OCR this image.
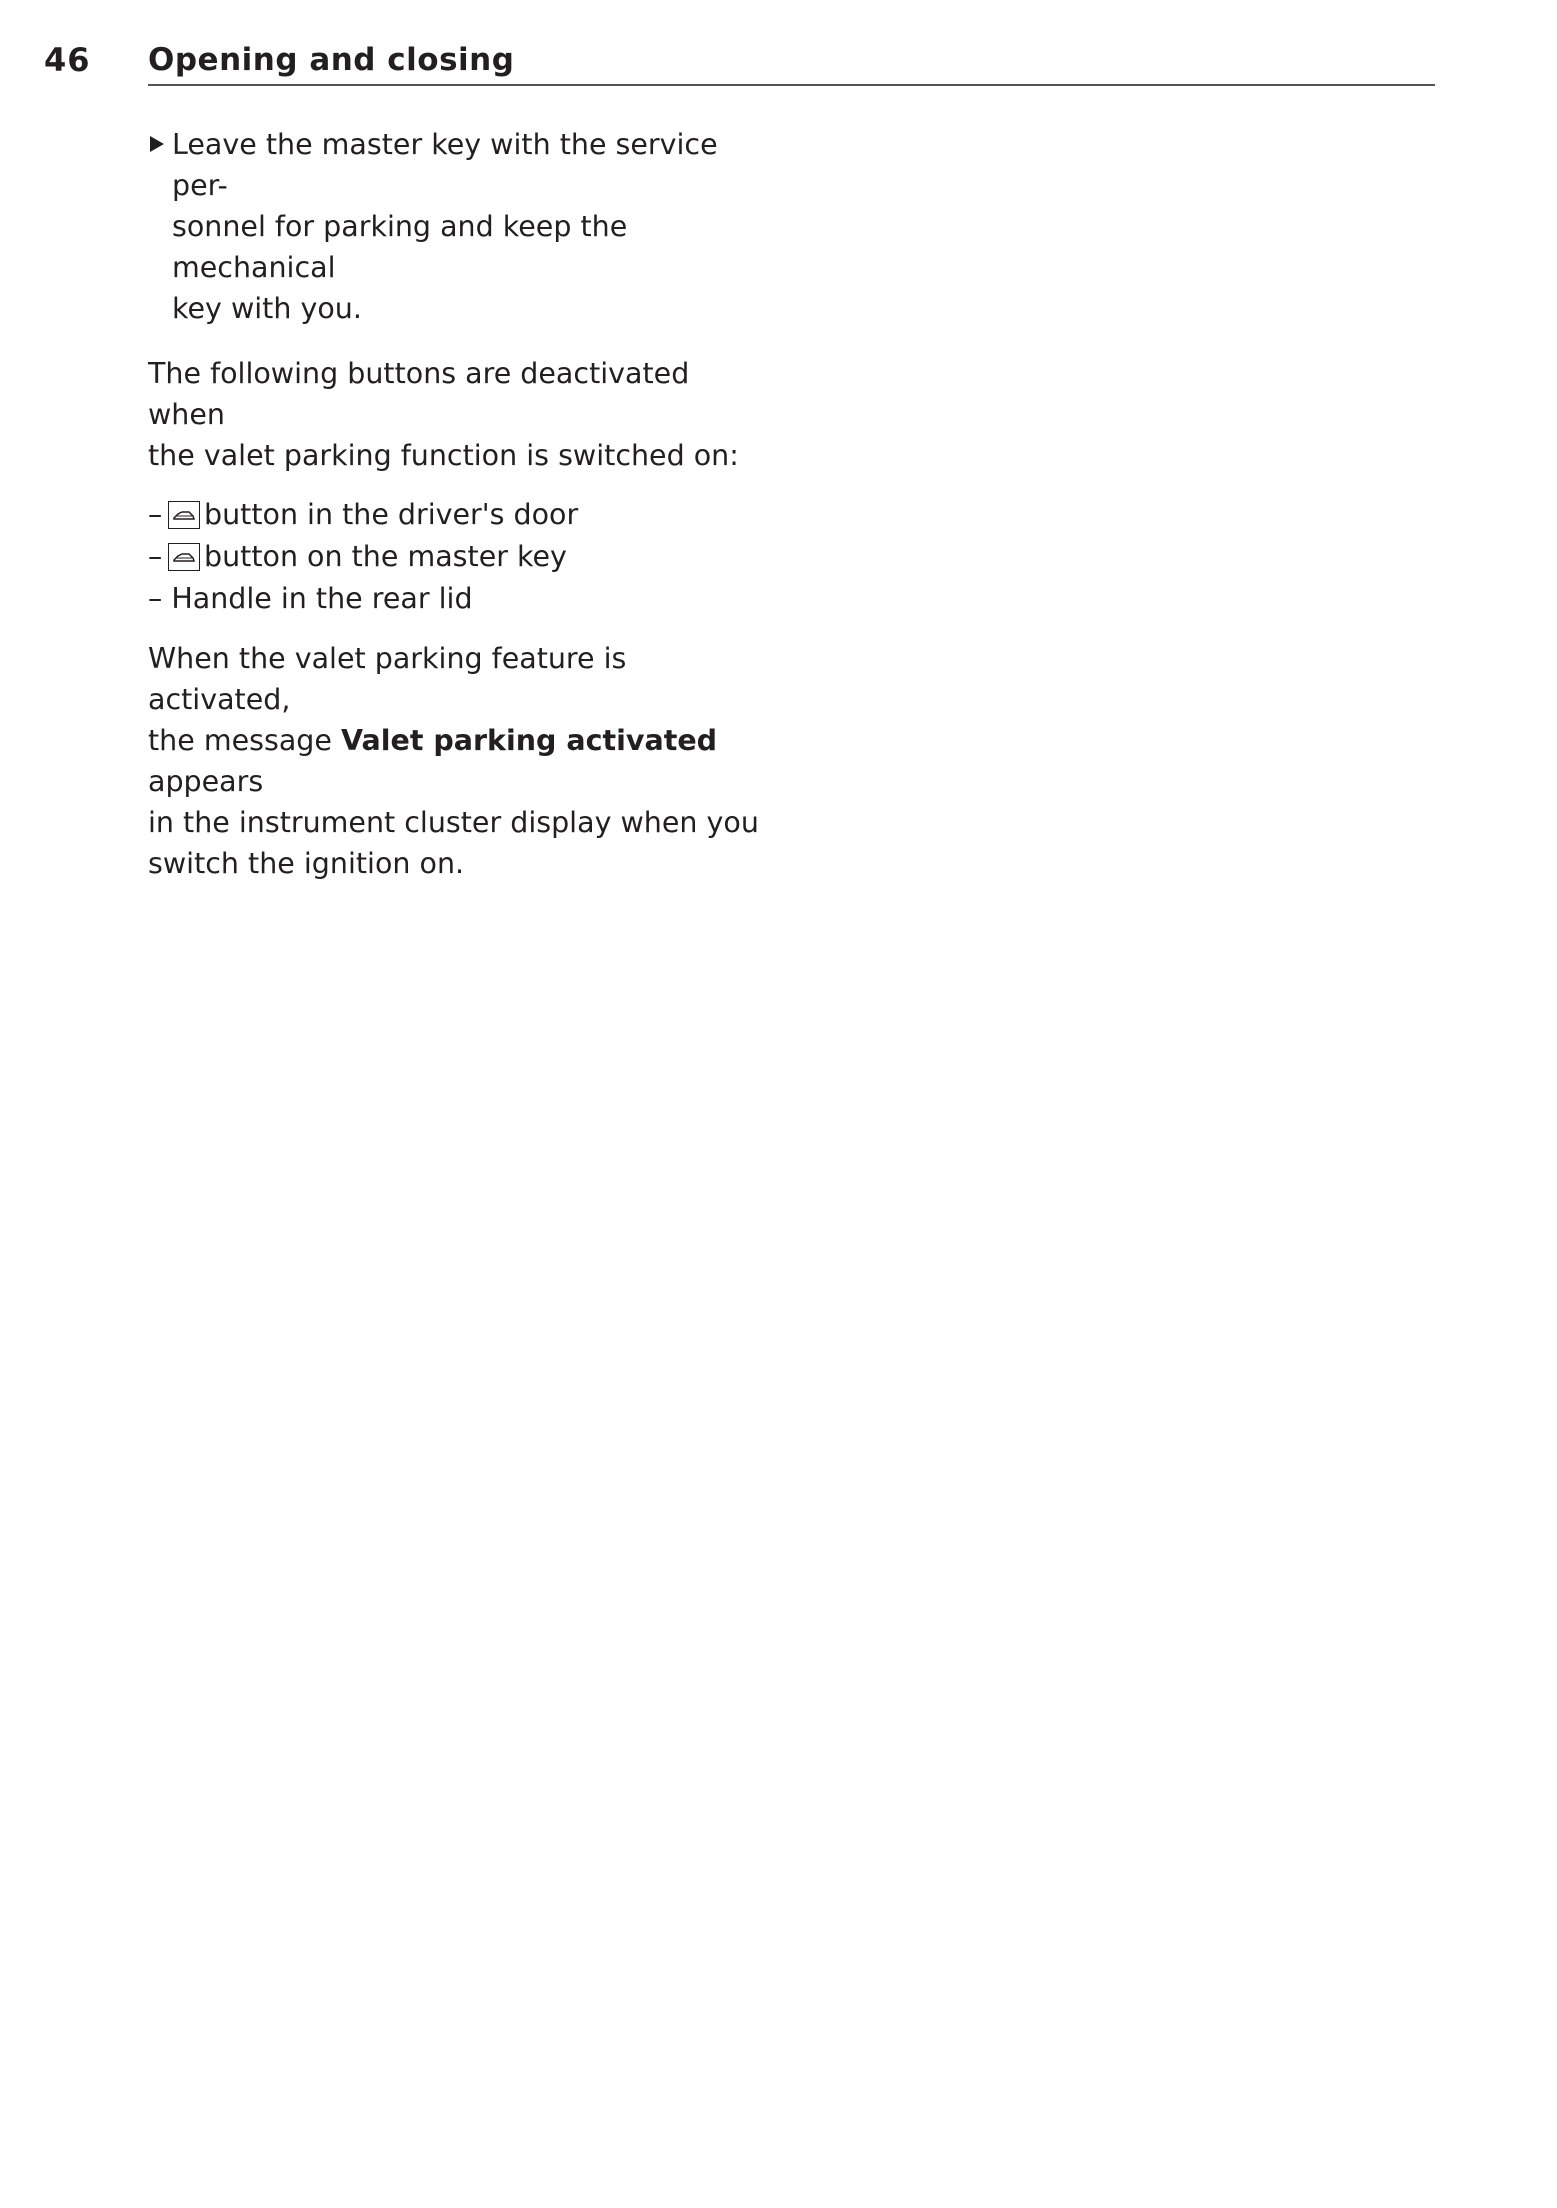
46 Opening and closing
Leave the master key with the service per-
sonnel for parking and keep the mechanical
key with you.
The following buttons are deactivated when
the valet parking function is switched on:
– button in the driver's door
– button on the master key
– Handle in the rear lid
When the valet parking feature is activated,
the message Valet parking activated appears
in the instrument cluster display when you
switch the ignition on.
